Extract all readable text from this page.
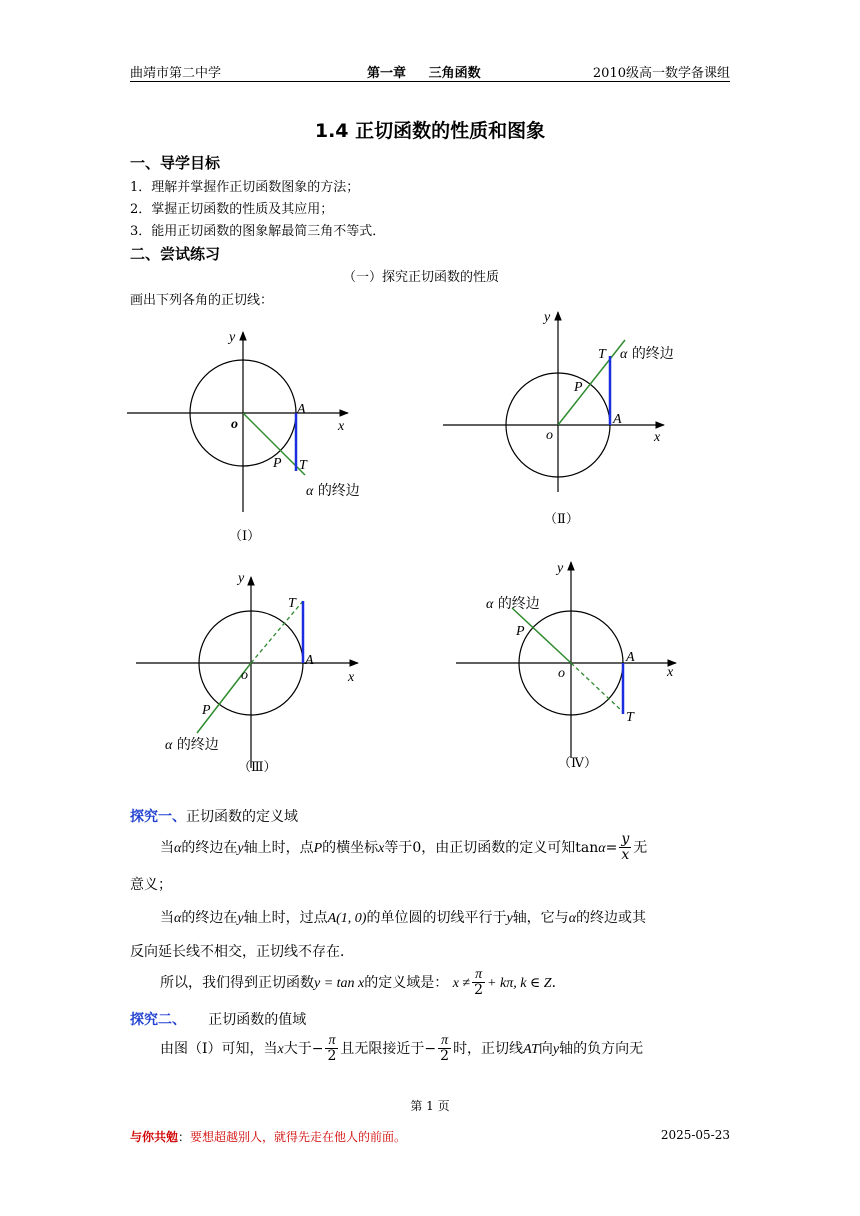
曲靖市第二中学	第一章 三角函数	2010级高一数学备课组
1.4 正切函数的性质和图象
一、导学目标
1．理解并掌握作正切函数图象的方法；
2．掌握正切函数的性质及其应用；
3．能用正切函数的图象解最简三角不等式．
二、尝试练习
（一）探究正切函数的性质
画出下列各角的正切线：
y
x
o
A
P T
α 的终边
（Ⅰ）
y
x
o
A
P
T α 的终边
（Ⅱ）
y
x
o
A
P
T
α 的终边
（Ⅲ）
y
x
o
A
P
T
α 的终边
（Ⅳ）
探究一、正切函数的定义域
当α的终边在y轴上时，点P的横坐标x等于0，由正切函数的定义可知$\tan\alpha= \frac{y}{x}$ 无
意义；
当α的终边在y轴上时，过点A(1, 0)的单位圆的切线平行于y轴，它与α的终边或其
反向延长线不相交，正切线不存在．
所以，我们得到正切函数y = tan x的定义域是： $x \ne \frac{\pi}{2} + k\pi$, k ∈ Z．
探究二、 正切函数的值域
由图（Ⅰ）可知，当x大于− $\frac{\pi}{2}$ 且无限接近于− $\frac{\pi}{2}$ 时，正切线AT向y轴的负方向无
第 1 页
与你共勉：要想超越别人，就得先走在他人的前面。	2025-05-23
